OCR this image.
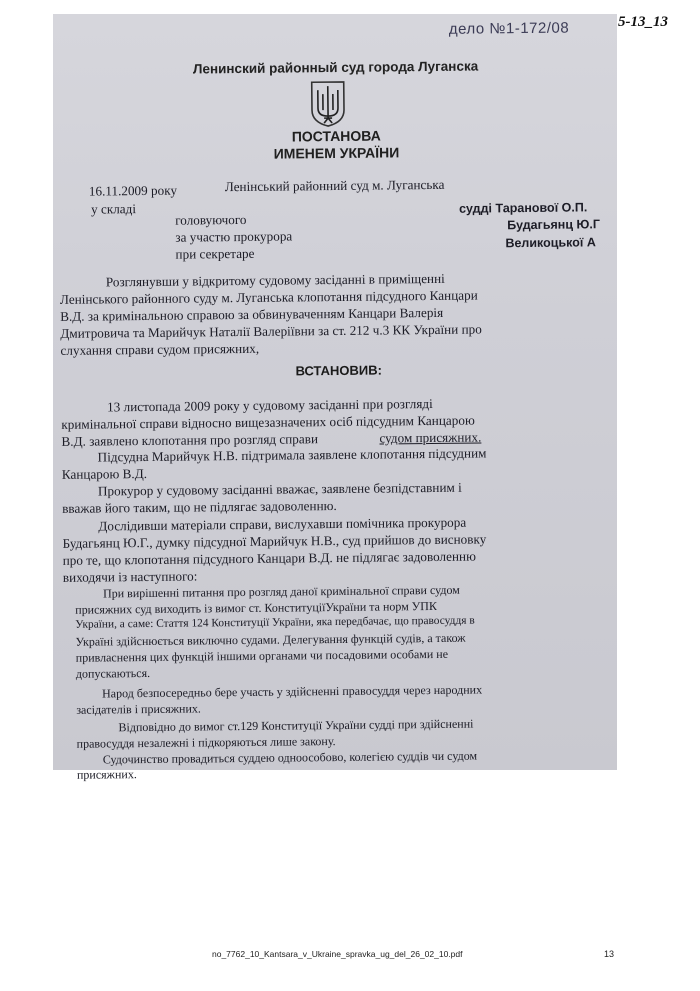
5-13_13
дело №1-172/08
Ленинский районный суд города Луганска
ПОСТАНОВА
ИМЕНЕМ УКРАЇНИ
16.11.2009 року	Ленінський районний суд м. Луганська
у складі
головуючого
судді Таранової О.П.
за участю прокурора
Будагьянц Ю.Г
при секретаре
Великоцької А
Розглянувши у відкритому судовому засіданні в приміщенні
Ленінського районного суду м. Луганська клопотання підсудного Канцари
В.Д. за кримінальною справою за обвинуваченням Канцари Валерія
Дмитровича та Марийчук Наталії Валеріївни за ст. 212 ч.3 КК України про
слухання справи судом присяжних,
ВСТАНОВИВ:
13 листопада 2009 року у судовому засіданні при розгляді
кримінальної справи відносно вищезазначених осіб підсудним Канцарою
В.Д. заявлено клопотання про розгляд справи	судом присяжних.
Підсудна Марийчук Н.В. підтримала заявлене клопотання підсудним
Канцарою В.Д.
Прокурор у судовому засіданні вважає, заявлене безпідставним і
вважав його таким, що не підлягає задоволенню.
Дослідивши матеріали справи, вислухавши помічника прокурора
Будагьянц Ю.Г., думку підсудної Марийчук Н.В., суд прийшов до висновку
про те, що клопотання підсудного Канцари В.Д. не підлягає задоволенню
виходячи із наступного:
При вирішенні питання про розгляд даної кримінальної справи судом
присяжних суд виходить із вимог ст. КонституціїУкраїни та норм УПК
України, а саме: Стаття 124 Конституції України, яка передбачає, що правосуддя в
Україні здійснюється виключно судами. Делегування функцій судів, а також
привласнення цих функцій іншими органами чи посадовими особами не
допускаються.
Народ безпосередньо бере участь у здійсненні правосуддя через народних
засідателів і присяжних.
Відповідно до вимог ст.129 Конституції України судді при здійсненні
правосуддя незалежні і підкоряються лише закону.
Судочинство провадиться суддею одноособово, колегією суддів чи судом
присяжних.
no_7762_10_Kantsara_v_Ukraine_spravka_ug_del_26_02_10.pdf	13
